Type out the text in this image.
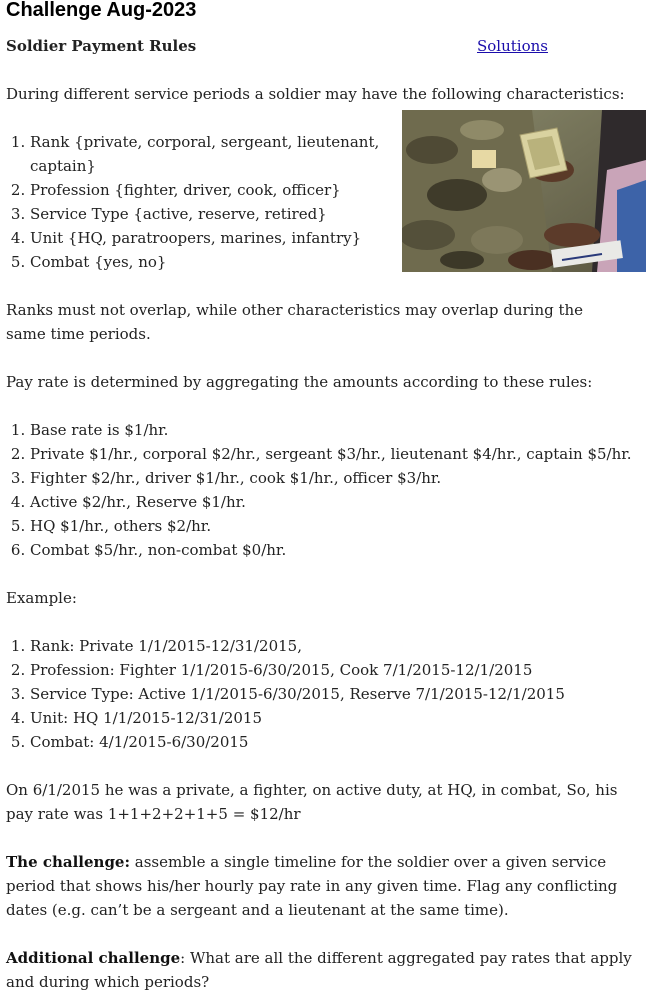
Challenge Aug-2023
Soldier Payment Rules	Solutions

During different service periods a soldier may have the following characteristics:

1. Rank {private, corporal, sergeant, lieutenant, captain}
2. Profession {fighter, driver, cook, officer}
3. Service Type {active, reserve, retired}
4. Unit {HQ, paratroopers, marines, infantry}
5. Combat {yes, no}

Ranks must not overlap, while other characteristics may overlap during the same time periods.

Pay rate is determined by aggregating the amounts according to these rules:

1. Base rate is $1/hr.
2. Private $1/hr., corporal $2/hr., sergeant $3/hr., lieutenant $4/hr., captain $5/hr.
3. Fighter $2/hr., driver $1/hr., cook $1/hr., officer $3/hr.
4. Active $2/hr., Reserve $1/hr.
5. HQ $1/hr., others $2/hr.
6. Combat $5/hr., non-combat $0/hr.

Example:

1. Rank: Private 1/1/2015-12/31/2015,
2. Profession: Fighter 1/1/2015-6/30/2015, Cook 7/1/2015-12/1/2015
3. Service Type: Active 1/1/2015-6/30/2015, Reserve 7/1/2015-12/1/2015
4. Unit: HQ 1/1/2015-12/31/2015
5. Combat: 4/1/2015-6/30/2015

On 6/1/2015 he was a private, a fighter, on active duty, at HQ, in combat, So, his pay rate was 1+1+2+2+1+5 = $12/hr

The challenge: assemble a single timeline for the soldier over a given service period that shows his/her hourly pay rate in any given time. Flag any conflicting dates (e.g. can’t be a sergeant and a lieutenant at the same time).

Additional challenge: What are all the different aggregated pay rates that apply and during which periods?
